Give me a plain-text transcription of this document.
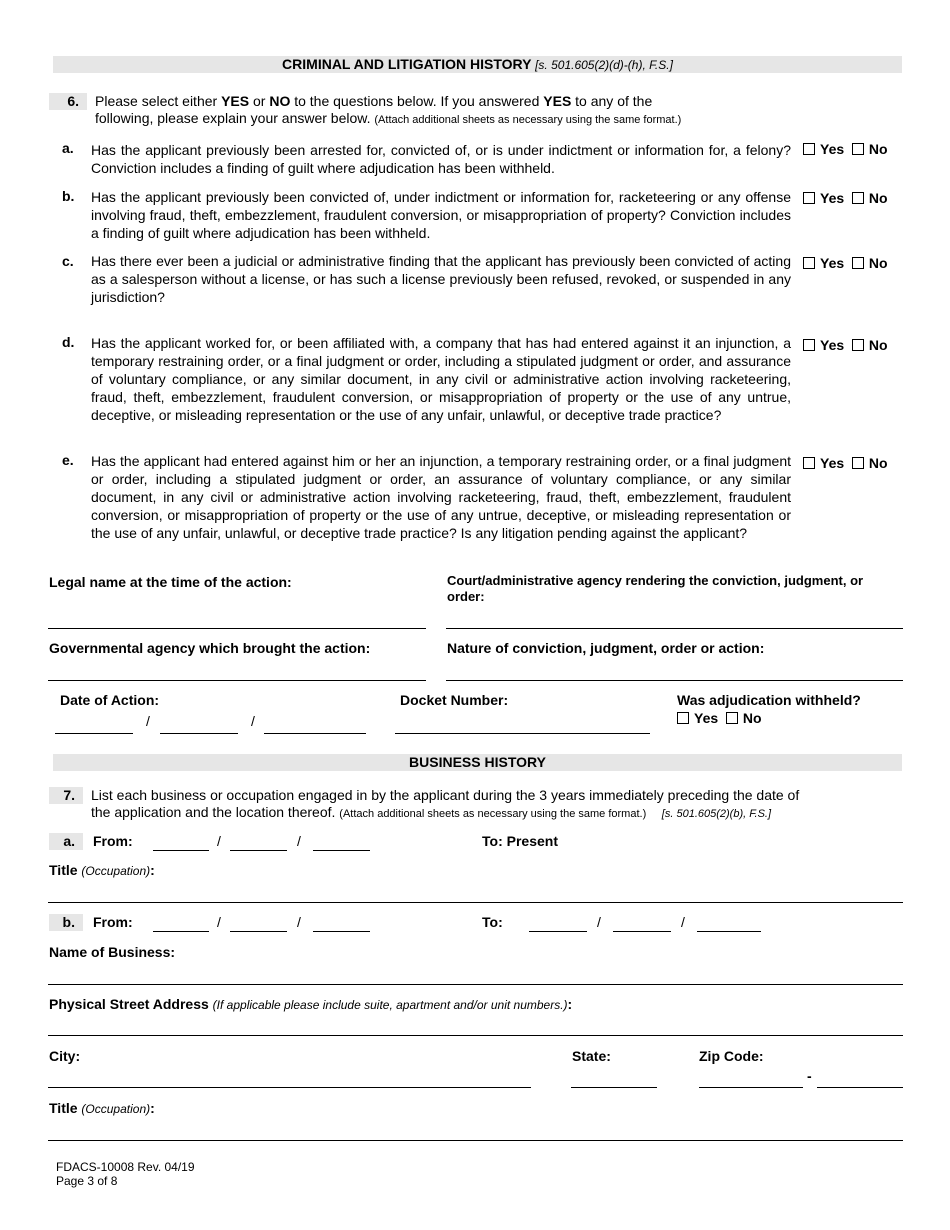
CRIMINAL AND LITIGATION HISTORY [s. 501.605(2)(d)-(h), F.S.]
6.	Please select either YES or NO to the questions below. If you answered YES to any of the
following, please explain your answer below. (Attach additional sheets as necessary using the same format.)
a. Has the applicant previously been arrested for, convicted of, or is under indictment or information for, a felony? Conviction includes a finding of guilt where adjudication has been withheld.
Yes No
b. Has the applicant previously been convicted of, under indictment or information for, racketeering or any offense involving fraud, theft, embezzlement, fraudulent conversion, or misappropriation of property? Conviction includes a finding of guilt where adjudication has been withheld.
Yes No
c. Has there ever been a judicial or administrative finding that the applicant has previously been convicted of acting as a salesperson without a license, or has such a license previously been refused, revoked, or suspended in any jurisdiction?
Yes No
d. Has the applicant worked for, or been affiliated with, a company that has had entered against it an injunction, a temporary restraining order, or a final judgment or order, including a stipulated judgment or order, and assurance of voluntary compliance, or any similar document, in any civil or administrative action involving racketeering, fraud, theft, embezzlement, fraudulent conversion, or misappropriation of property or the use of any untrue, deceptive, or misleading representation or the use of any unfair, unlawful, or deceptive trade practice?
Yes No
e. Has the applicant had entered against him or her an injunction, a temporary restraining order, or a final judgment or order, including a stipulated judgment or order, an assurance of voluntary compliance, or any similar document, in any civil or administrative action involving racketeering, fraud, theft, embezzlement, fraudulent conversion, or misappropriation of property or the use of any untrue, deceptive, or misleading representation or the use of any unfair, unlawful, or deceptive trade practice? Is any litigation pending against the applicant?
Yes No
Legal name at the time of the action:	Court/administrative agency rendering the conviction, judgment, or order:
Governmental agency which brought the action:	Nature of conviction, judgment, order or action:
Date of Action:
/	/
Docket Number:	Was adjudication withheld?
Yes No
BUSINESS HISTORY
7.	List each business or occupation engaged in by the applicant during the 3 years immediately preceding the date of
the application and the location thereof. (Attach additional sheets as necessary using the same format.) [s. 501.605(2)(b), F.S.]
a.	From:	/	/	To: Present
Title (Occupation):
b.	From:	/	/	To:	/	/
Name of Business:
Physical Street Address (If applicable please include suite, apartment and/or unit numbers.):
City:	State:	Zip Code:
-
Title (Occupation):
FDACS-10008 Rev. 04/19
Page 3 of 8
